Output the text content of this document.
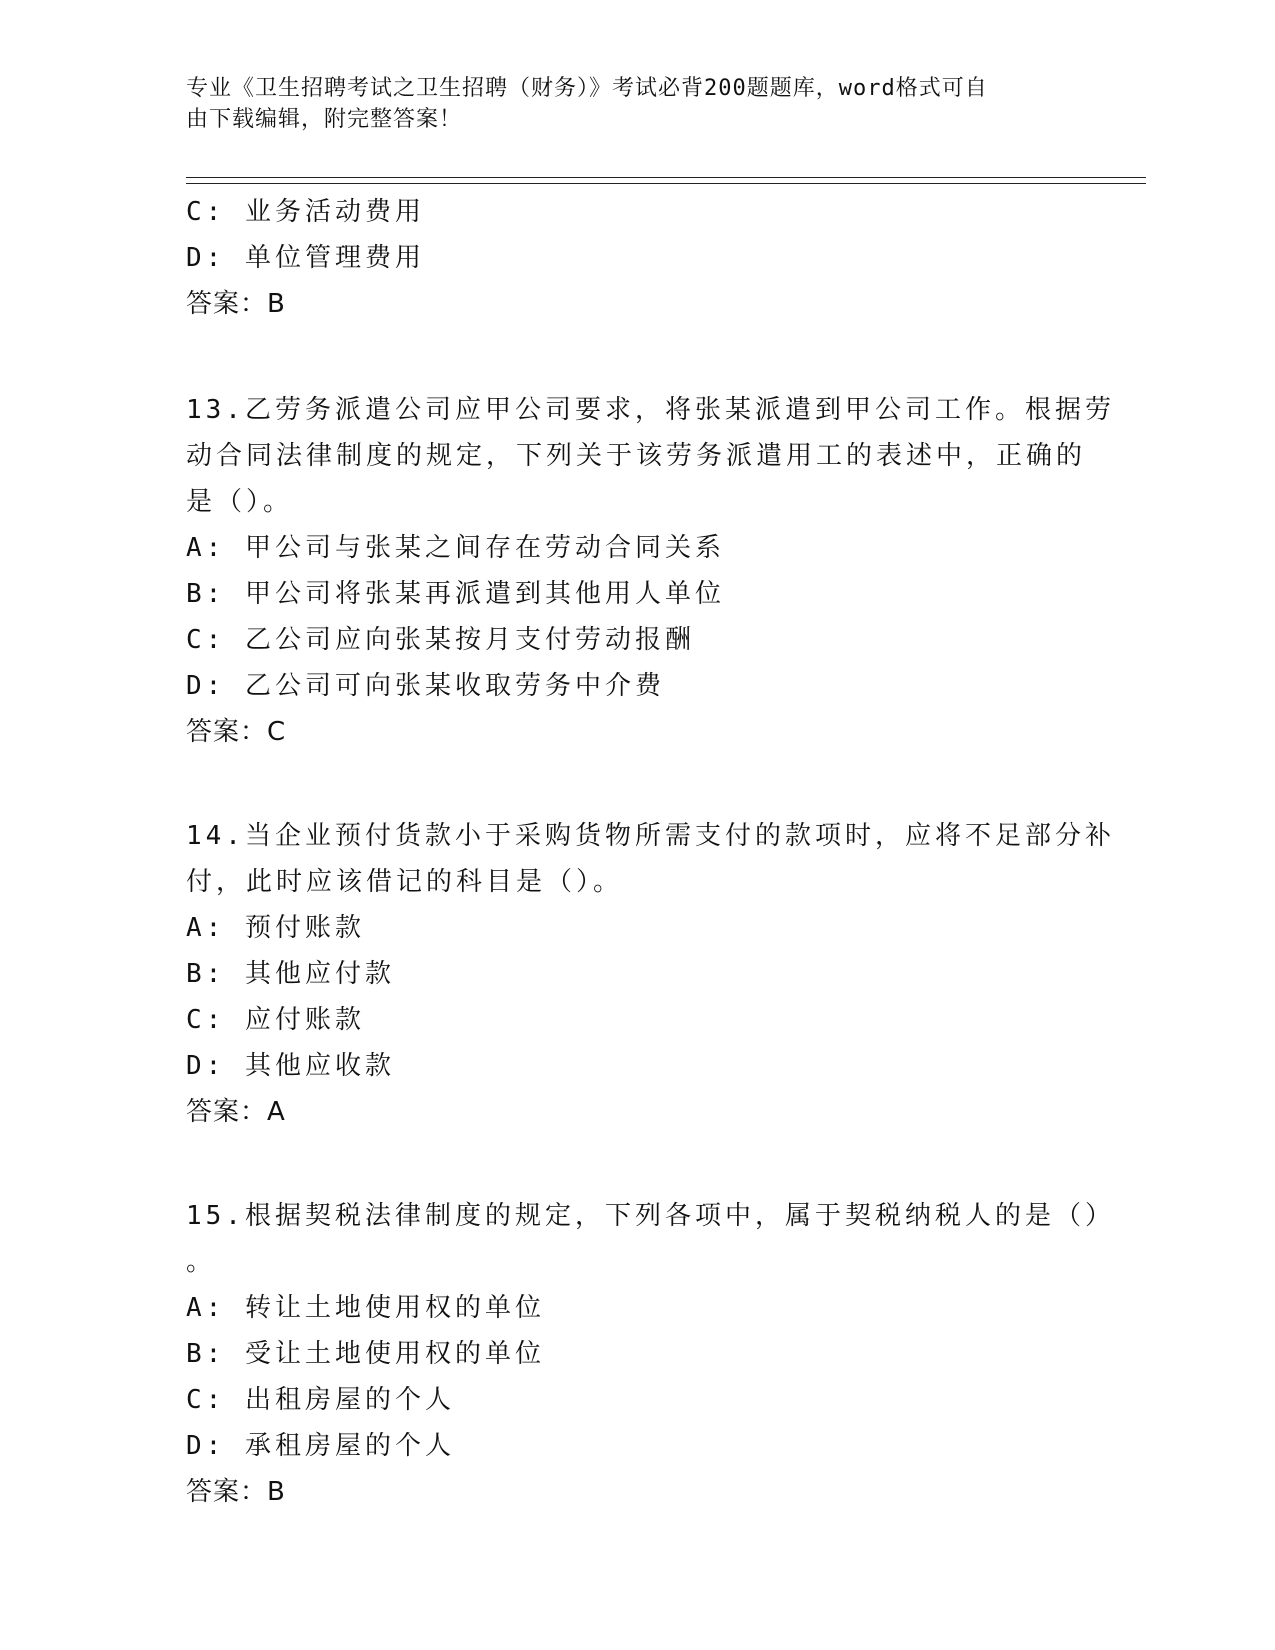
专业《卫生招聘考试之卫生招聘（财务）》考试必背200题题库，word格式可自
由下载编辑，附完整答案！
C: 业务活动费用
D: 单位管理费用
答案：B
13.乙劳务派遣公司应甲公司要求，将张某派遣到甲公司工作。根据劳
动合同法律制度的规定，下列关于该劳务派遣用工的表述中，正确的
是（）。
A: 甲公司与张某之间存在劳动合同关系
B: 甲公司将张某再派遣到其他用人单位
C: 乙公司应向张某按月支付劳动报酬
D: 乙公司可向张某收取劳务中介费
答案：C
14.当企业预付货款小于采购货物所需支付的款项时，应将不足部分补
付，此时应该借记的科目是（）。
A: 预付账款
B: 其他应付款
C: 应付账款
D: 其他应收款
答案：A
15.根据契税法律制度的规定，下列各项中，属于契税纳税人的是（）
。
A: 转让土地使用权的单位
B: 受让土地使用权的单位
C: 出租房屋的个人
D: 承租房屋的个人
答案：B
